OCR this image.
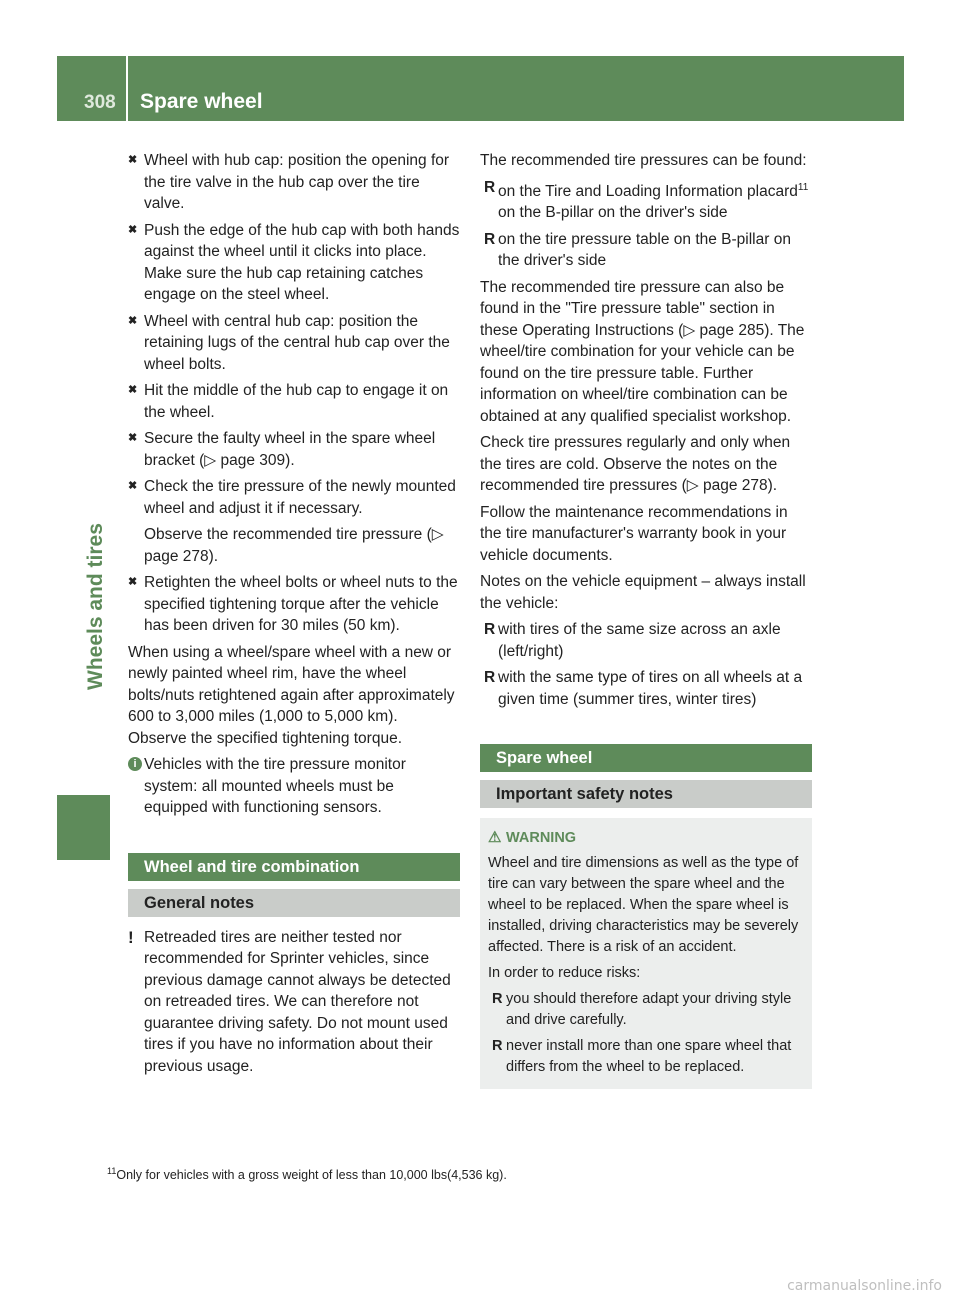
308 Spare wheel
Wheels and tires
✖
Wheel with hub cap: position the opening for the tire valve in the hub cap over the tire valve.
✖
Push the edge of the hub cap with both hands against the wheel until it clicks into place. Make sure the hub cap retaining catches engage on the steel wheel.
✖
Wheel with central hub cap: position the retaining lugs of the central hub cap over the wheel bolts.
✖
Hit the middle of the hub cap to engage it on the wheel.
✖
Secure the faulty wheel in the spare wheel bracket (▷ page 309).
✖
Check the tire pressure of the newly mounted wheel and adjust it if necessary.
Observe the recommended tire pressure (▷ page 278).
✖
Retighten the wheel bolts or wheel nuts to the specified tightening torque after the vehicle has been driven for 30 miles (50 km).

When using a wheel/spare wheel with a new or newly painted wheel rim, have the wheel bolts/nuts retightened again after approximately 600 to 3,000 miles (1,000 to 5,000 km). Observe the specified tightening torque.

i Vehicles with the tire pressure monitor system: all mounted wheels must be equipped with functioning sensors.
Wheel and tire combination
General notes
! Retreaded tires are neither tested nor recommended for Sprinter vehicles, since previous damage cannot always be detected on retreaded tires. We can therefore not guarantee driving safety. Do not mount used tires if you have no information about their previous usage.

The recommended tire pressures can be found:

R on the Tire and Loading Information placard$^{11}$ on the B-pillar on the driver's side
R on the tire pressure table on the B-pillar on the driver's side

The recommended tire pressure can also be found in the "Tire pressure table" section in these Operating Instructions (▷ page 285). The wheel/tire combination for your vehicle can be found on the tire pressure table. Further information on wheel/tire combination can be obtained at any qualified specialist workshop.

Check tire pressures regularly and only when the tires are cold. Observe the notes on the recommended tire pressures (▷ page 278).

Follow the maintenance recommendations in the tire manufacturer's warranty book in your vehicle documents.

Notes on the vehicle equipment – always install the vehicle:

R with tires of the same size across an axle (left/right)
R with the same type of tires on all wheels at a given time (summer tires, winter tires)
Spare wheel
Important safety notes
⚠ WARNING

Wheel and tire dimensions as well as the type of tire can vary between the spare wheel and the wheel to be replaced. When the spare wheel is installed, driving characteristics may be severely affected. There is a risk of an accident.

In order to reduce risks:

R you should therefore adapt your driving style and drive carefully.
R never install more than one spare wheel that differs from the wheel to be replaced.
$^{11}$Only for vehicles with a gross weight of less than 10,000 lbs(4,536 kg).
carmanualsonline.info
